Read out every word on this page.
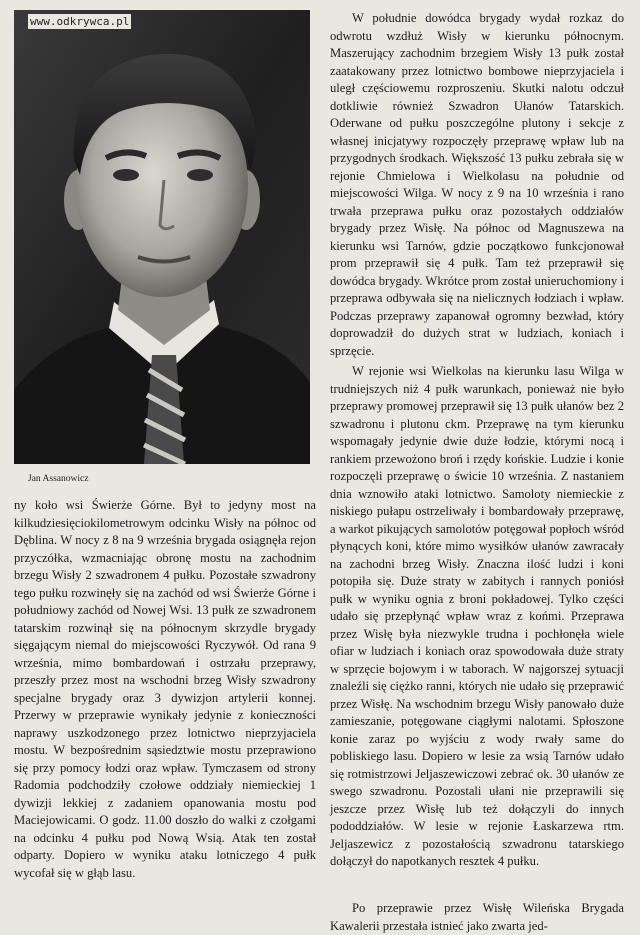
www.odkrywca.pl
Jan Assanowicz

ny koło wsi Świerże Górne. Był to jedyny most na kilkudziesięciokilometrowym odcinku Wisły na północ od Dęblina. W nocy z 8 na 9 września brygada osiągnęła rejon przyczółka, wzmacniając obronę mostu na zachodnim brzegu Wisły 2 szwadronem 4 pułku. Pozostałe szwadrony tego pułku rozwinęły się na zachód od wsi Świerże Górne i południowy zachód od Nowej Wsi. 13 pułk ze szwadronem tatarskim rozwinął się na północnym skrzydle brygady sięgającym niemal do miejscowości Ryczywół. Od rana 9 września, mimo bombardowań i ostrzału przeprawy, przeszły przez most na wschodni brzeg Wisły szwadrony specjalne brygady oraz 3 dywizjon artylerii konnej. Przerwy w przeprawie wynikały jedynie z konieczności naprawy uszkodzonego przez lotnictwo nieprzyjaciela mostu. W bezpośrednim sąsiedztwie mostu przeprawiono się przy pomocy łodzi oraz wpław. Tymczasem od strony Radomia podchodziły czołowe oddziały niemieckiej 1 dywizji lekkiej z zadaniem opanowania mostu pod Maciejowicami. O godz. 11.00 doszło do walki z czołgami na odcinku 4 pułku pod Nową Wsią. Atak ten został odparty. Dopiero w wyniku ataku lotniczego 4 pułk wycofał się w głąb lasu.

W południe dowódca brygady wydał rozkaz do odwrotu wzdłuż Wisły w kierunku północnym. Maszerujący zachodnim brzegiem Wisły 13 pułk został zaatakowany przez lotnictwo bombowe nieprzyjaciela i uległ częściowemu rozproszeniu. Skutki nalotu odczuł dotkliwie również Szwadron Ułanów Tatarskich. Oderwane od pułku poszczególne plutony i sekcje z własnej inicjatywy rozpoczęły przeprawę wpław lub na przygodnych środkach. Większość 13 pułku zebrała się w rejonie Chmielowa i Wielkolasu na południe od miejscowości Wilga. W nocy z 9 na 10 września i rano trwała przeprawa pułku oraz pozostałych oddziałów brygady przez Wisłę. Na północ od Magnuszewa na kierunku wsi Tarnów, gdzie początkowo funkcjonował prom przeprawił się 4 pułk. Tam też przeprawił się dowódca brygady. Wkrótce prom został unieruchomiony i przeprawa odbywała się na nielicznych łodziach i wpław. Podczas przeprawy zapanował ogromny bezwład, który doprowadził do dużych strat w ludziach, koniach i sprzęcie.

W rejonie wsi Wielkolas na kierunku lasu Wilga w trudniejszych niż 4 pułk warunkach, ponieważ nie było przeprawy promowej przeprawił się 13 pułk ułanów bez 2 szwadronu i plutonu ckm. Przeprawę na tym kierunku wspomagały jedynie dwie duże łodzie, którymi nocą i rankiem przewożono broń i rzędy końskie. Ludzie i konie rozpoczęli przeprawę o świcie 10 września. Z nastaniem dnia wznowiło ataki lotnictwo. Samoloty niemieckie z niskiego pułapu ostrzeliwały i bombardowały przeprawę, a warkot pikujących samolotów potęgował popłoch wśród płynących koni, które mimo wysiłków ułanów zawracały na zachodni brzeg Wisły. Znaczna ilość ludzi i koni potopiła się. Duże straty w zabitych i rannych poniósł pułk w wyniku ognia z broni pokładowej. Tylko części udało się przepłynąć wpław wraz z końmi. Przeprawa przez Wisłę była niezwykle trudna i pochłonęła wiele ofiar w ludziach i koniach oraz spowodowała duże straty w sprzęcie bojowym i w taborach. W najgorszej sytuacji znaleźli się ciężko ranni, których nie udało się przeprawić przez Wisłę. Na wschodnim brzegu Wisły panowało duże zamieszanie, potęgowane ciągłymi nalotami. Spłoszone konie zaraz po wyjściu z wody rwały same do pobliskiego lasu. Dopiero w lesie za wsią Tarnów udało się rotmistrzowi Jeljaszewiczowi zebrać ok. 30 ułanów ze swego szwadronu. Pozostali ułani nie przeprawili się jeszcze przez Wisłę lub też dołączyli do innych pododdziałów. W lesie w rejonie Łaskarzewa rtm. Jeljaszewicz z pozostałością szwadronu tatarskiego dołączył do napotkanych resztek 4 pułku.

Po przeprawie przez Wisłę Wileńska Brygada Kawalerii przestała istnieć jako zwarta jed-
